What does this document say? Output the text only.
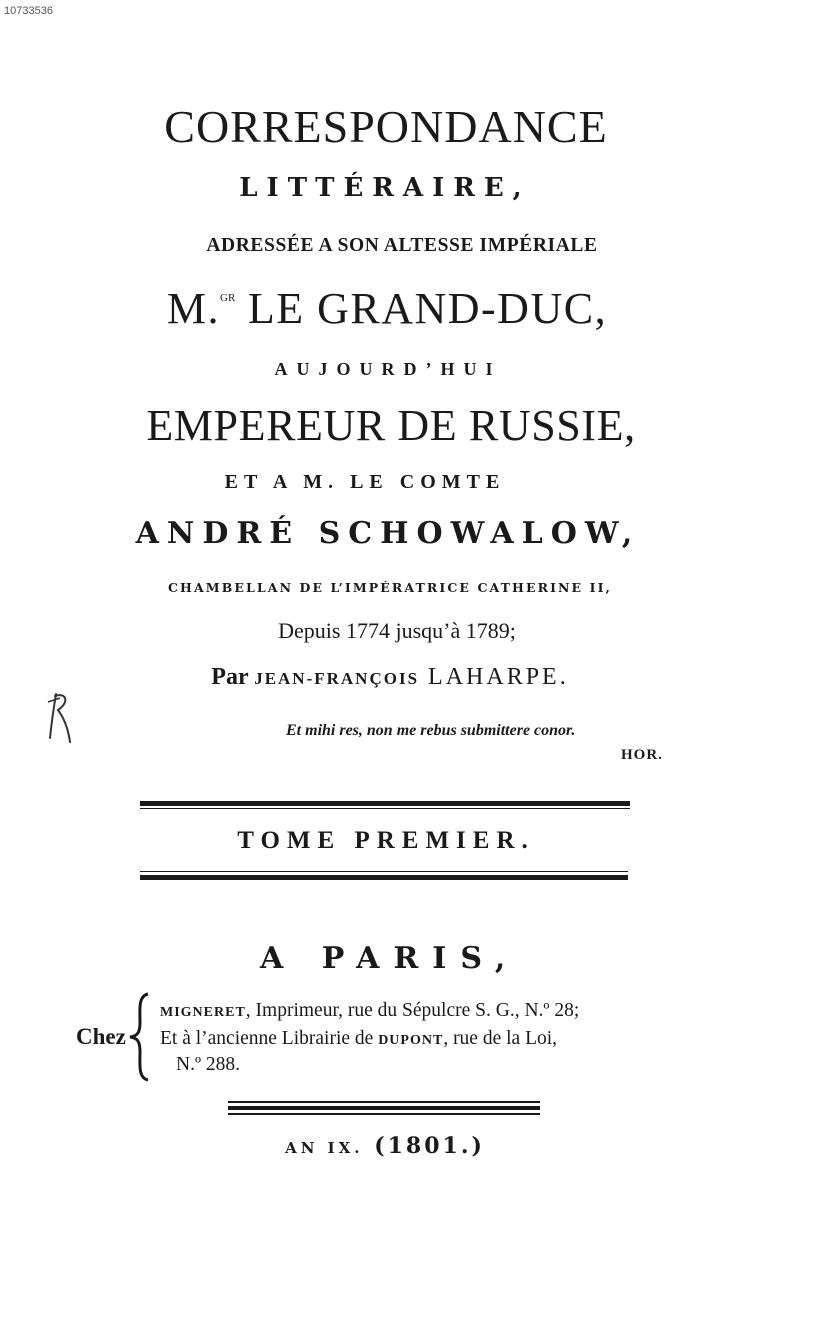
10733536
CORRESPONDANCE
LITTÉRAIRE,
ADRESSÉE A SON ALTESSE IMPÉRIALE
M.$^{GR}$ LE GRAND-DUC,
AUJOURD’HUI
EMPEREUR DE RUSSIE,
ET A M. LE COMTE
ANDRÉ SCHOWALOW,
CHAMBELLAN DE L’IMPÉRATRICE CATHERINE II,
Depuis 1774 jusqu’à 1789;
Par JEAN-FRANÇOIS LAHARPE.
Et mihi res, non me rebus submittere conor.
HOR.
TOME PREMIER.
A PARIS,
Chez
MIGNERET, Imprimeur, rue du Sépulcre S. G., N.º 28;
Et à l’ancienne Librairie de DUPONT, rue de la Loi,
N.º 288.
AN IX. (1801.)
